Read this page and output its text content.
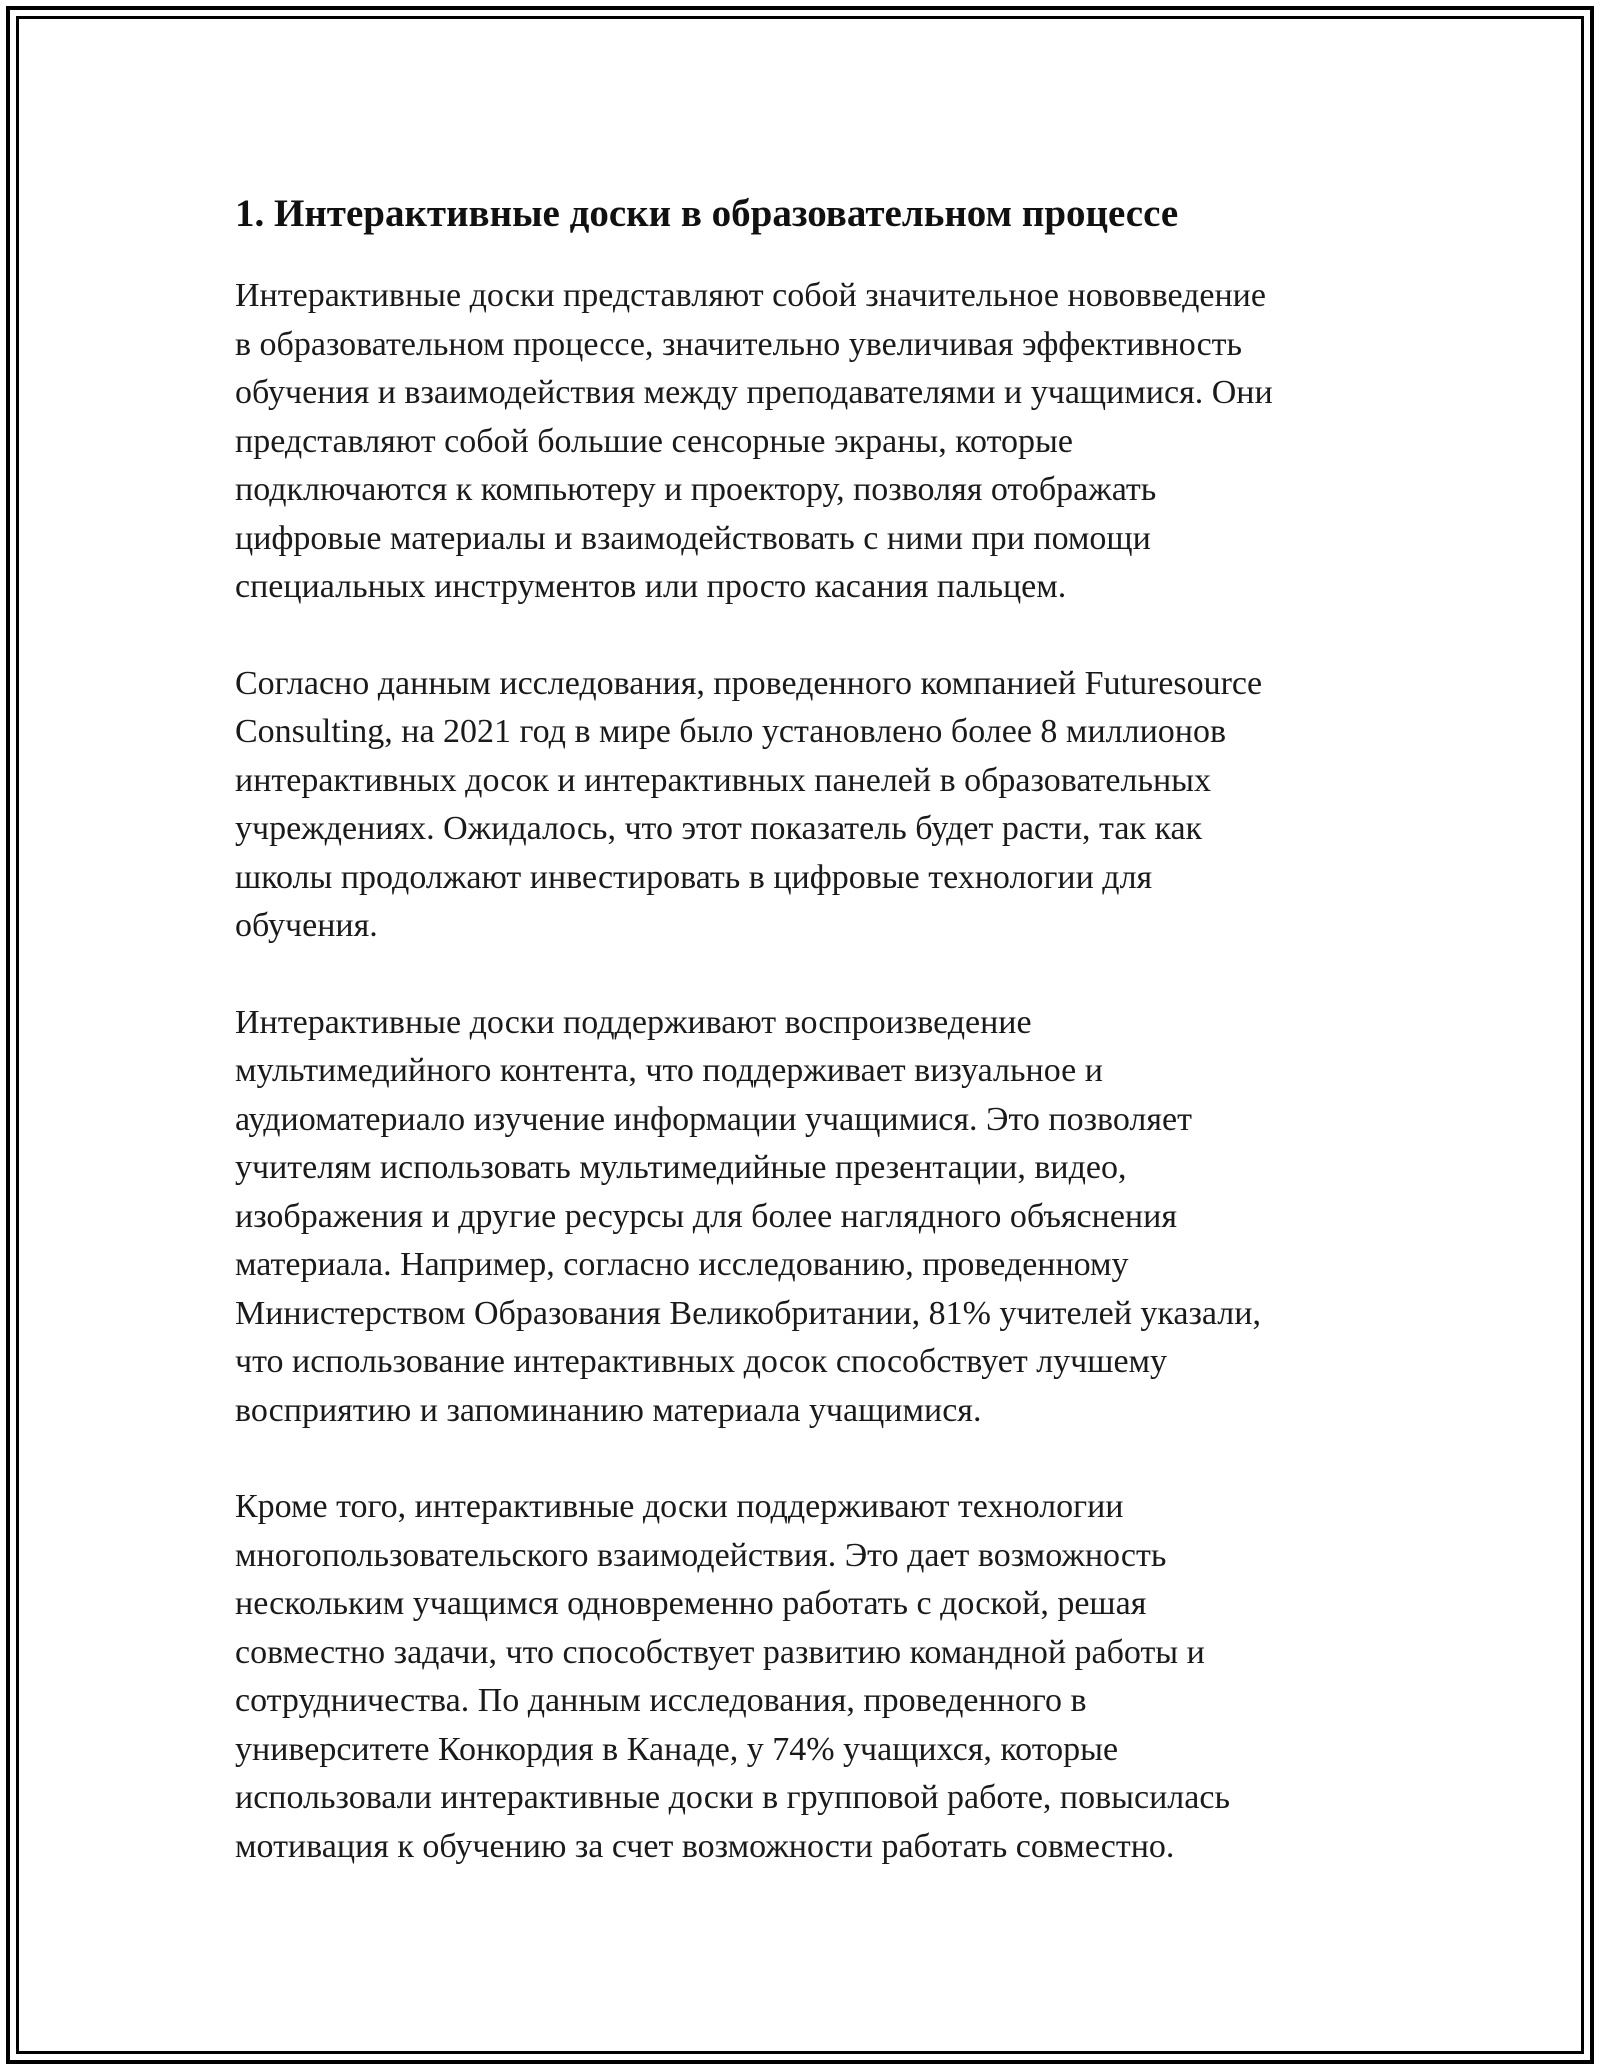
1. Интерактивные доски в образовательном процессе
Интерактивные доски представляют собой значительное нововведение
в образовательном процессе, значительно увеличивая эффективность
обучения и взаимодействия между преподавателями и учащимися. Они
представляют собой большие сенсорные экраны, которые
подключаются к компьютеру и проектору, позволяя отображать
цифровые материалы и взаимодействовать с ними при помощи
специальных инструментов или просто касания пальцем.
Согласно данным исследования, проведенного компанией Futuresource
Consulting, на 2021 год в мире было установлено более 8 миллионов
интерактивных досок и интерактивных панелей в образовательных
учреждениях. Ожидалось, что этот показатель будет расти, так как
школы продолжают инвестировать в цифровые технологии для
обучения.
Интерактивные доски поддерживают воспроизведение
мультимедийного контента, что поддерживает визуальное и
аудиоматериало изучение информации учащимися. Это позволяет
учителям использовать мультимедийные презентации, видео,
изображения и другие ресурсы для более наглядного объяснения
материала. Например, согласно исследованию, проведенному
Министерством Образования Великобритании, 81% учителей указали,
что использование интерактивных досок способствует лучшему
восприятию и запоминанию материала учащимися.
Кроме того, интерактивные доски поддерживают технологии
многопользовательского взаимодействия. Это дает возможность
нескольким учащимся одновременно работать с доской, решая
совместно задачи, что способствует развитию командной работы и
сотрудничества. По данным исследования, проведенного в
университете Конкордия в Канаде, у 74% учащихся, которые
использовали интерактивные доски в групповой работе, повысилась
мотивация к обучению за счет возможности работать совместно.
